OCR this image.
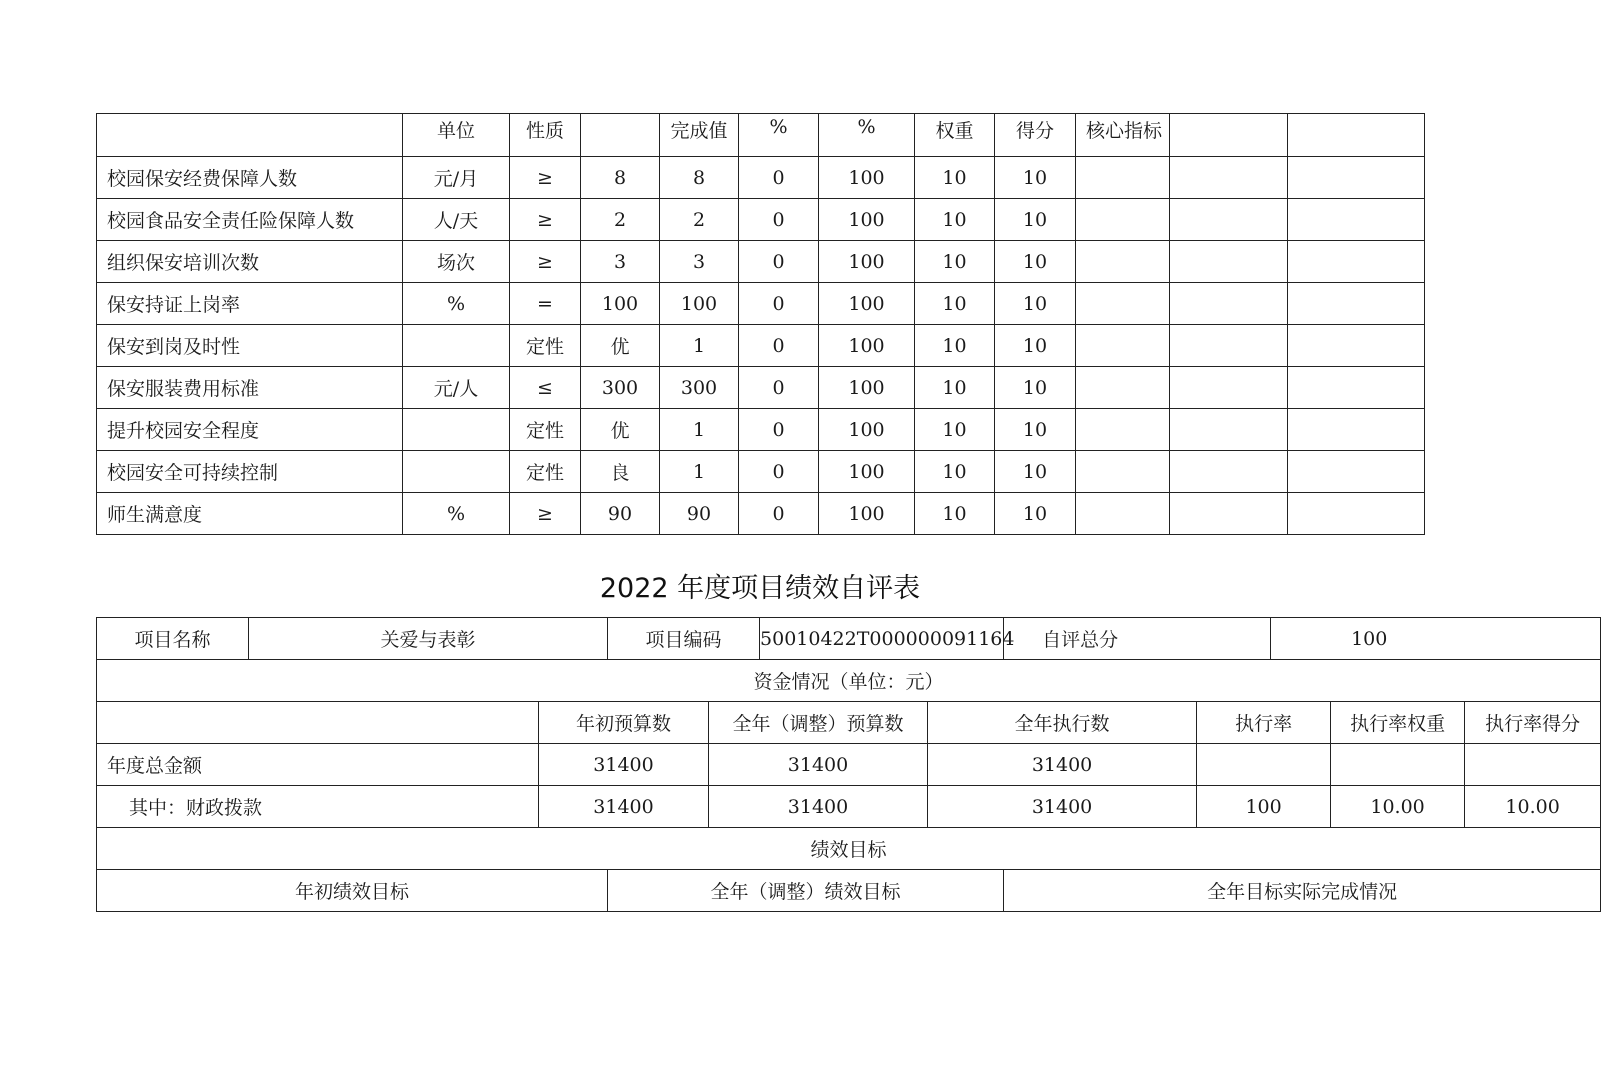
	单位	性质		完成值	%	%	权重	得分	核心指标		
校园保安经费保障人数	元/月	≥	8	8	0	100	10	10			
校园食品安全责任险保障人数	人/天	≥	2	2	0	100	10	10			
组织保安培训次数	场次	≥	3	3	0	100	10	10			
保安持证上岗率	%	=	100	100	0	100	10	10			
保安到岗及时性		定性	优	1	0	100	10	10			
保安服装费用标准	元/人	≤	300	300	0	100	10	10			
提升校园安全程度		定性	优	1	0	100	10	10			
校园安全可持续控制		定性	良	1	0	100	10	10			
师生满意度	%	≥	90	90	0	100	10	10			
2022 年度项目绩效自评表
项目名称	关爱与表彰		项目编码		50010422T000000091164		自评总分		100		
资金情况（单位：元）											
		年初预算数		全年（调整）预算数		全年执行数		执行率		执行率权重	执行率得分
年度总金额		31400		31400		31400					
其中：财政拨款		31400		31400		31400		100		10.00	10.00
绩效目标											
年初绩效目标			全年（调整）绩效目标				全年目标实际完成情况				
